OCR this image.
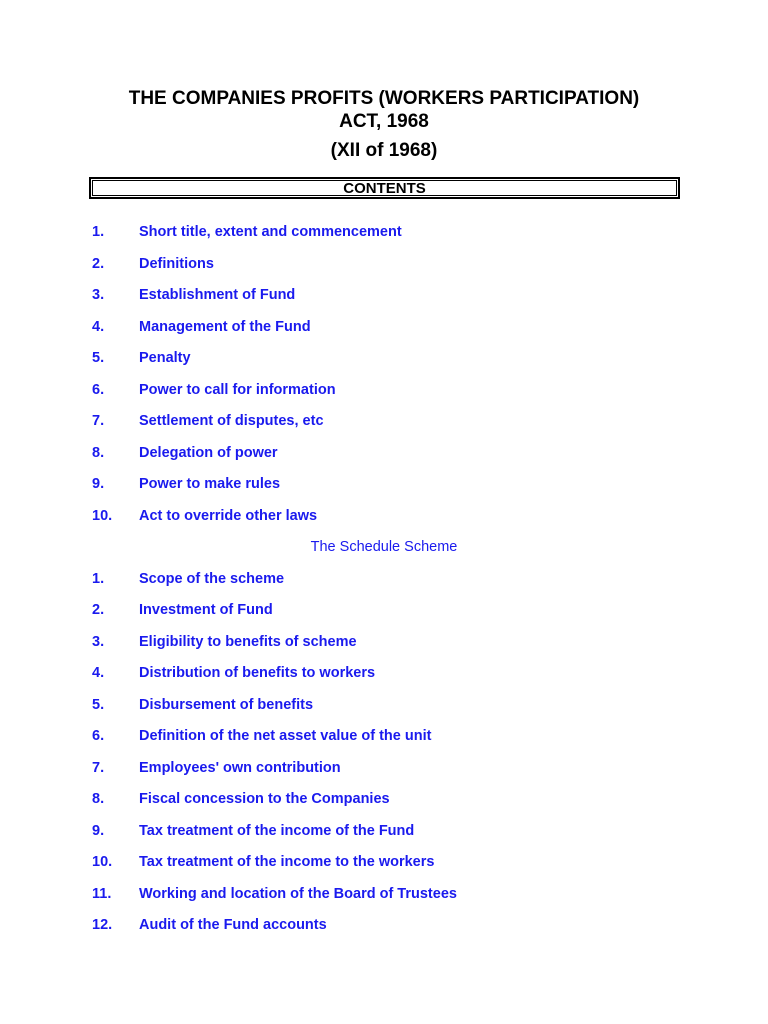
THE COMPANIES PROFITS (WORKERS PARTICIPATION)
ACT, 1968
(XII of 1968)
CONTENTS
1. Short title, extent and commencement
2. Definitions
3. Establishment of Fund
4. Management of the Fund
5. Penalty
6. Power to call for information
7. Settlement of disputes, etc
8. Delegation of power
9. Power to make rules
10. Act to override other laws
The Schedule Scheme
1. Scope of the scheme
2. Investment of Fund
3. Eligibility to benefits of scheme
4. Distribution of benefits to workers
5. Disbursement of benefits
6. Definition of the net asset value of the unit
7. Employees' own contribution
8. Fiscal concession to the Companies
9. Tax treatment of the income of the Fund
10. Tax treatment of the income to the workers
11. Working and location of the Board of Trustees
12. Audit of the Fund accounts
